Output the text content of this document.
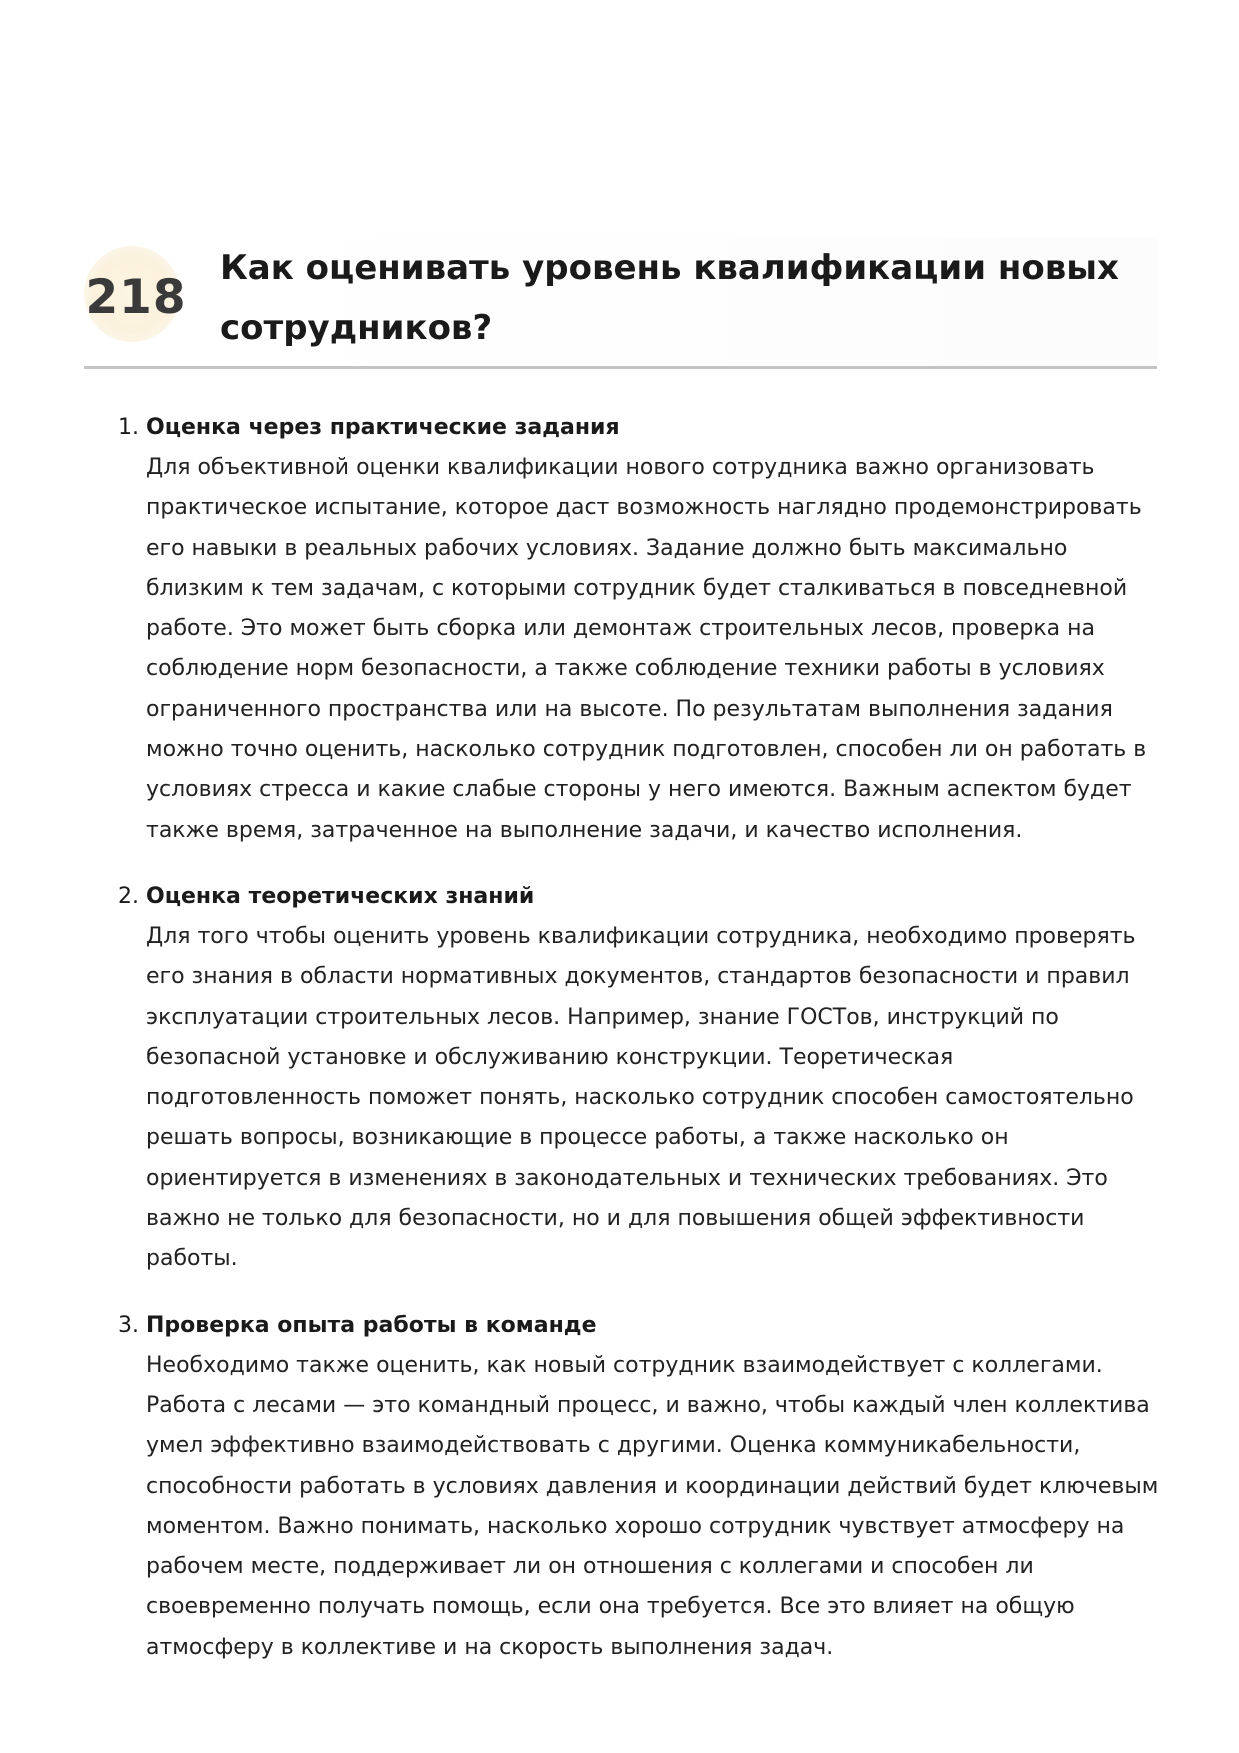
218
Как оценивать уровень квалификации новых сотрудников?
1. Оценка через практические задания

Для объективной оценки квалификации нового сотрудника важно организовать практическое испытание, которое даст возможность наглядно продемонстрировать его навыки в реальных рабочих условиях. Задание должно быть максимально близким к тем задачам, с которыми сотрудник будет сталкиваться в повседневной работе. Это может быть сборка или демонтаж строительных лесов, проверка на соблюдение норм безопасности, а также соблюдение техники работы в условиях ограниченного пространства или на высоте. По результатам выполнения задания можно точно оценить, насколько сотрудник подготовлен, способен ли он работать в условиях стресса и какие слабые стороны у него имеются. Важным аспектом будет также время, затраченное на выполнение задачи, и качество исполнения.

2. Оценка теоретических знаний

Для того чтобы оценить уровень квалификации сотрудника, необходимо проверять его знания в области нормативных документов, стандартов безопасности и правил эксплуатации строительных лесов. Например, знание ГОСТов, инструкций по безопасной установке и обслуживанию конструкции. Теоретическая подготовленность поможет понять, насколько сотрудник способен самостоятельно решать вопросы, возникающие в процессе работы, а также насколько он ориентируется в изменениях в законодательных и технических требованиях. Это важно не только для безопасности, но и для повышения общей эффективности работы.

3. Проверка опыта работы в команде

Необходимо также оценить, как новый сотрудник взаимодействует с коллегами. Работа с лесами — это командный процесс, и важно, чтобы каждый член коллектива умел эффективно взаимодействовать с другими. Оценка коммуникабельности, способности работать в условиях давления и координации действий будет ключевым моментом. Важно понимать, насколько хорошо сотрудник чувствует атмосферу на рабочем месте, поддерживает ли он отношения с коллегами и способен ли своевременно получать помощь, если она требуется. Все это влияет на общую атмосферу в коллективе и на скорость выполнения задач.
